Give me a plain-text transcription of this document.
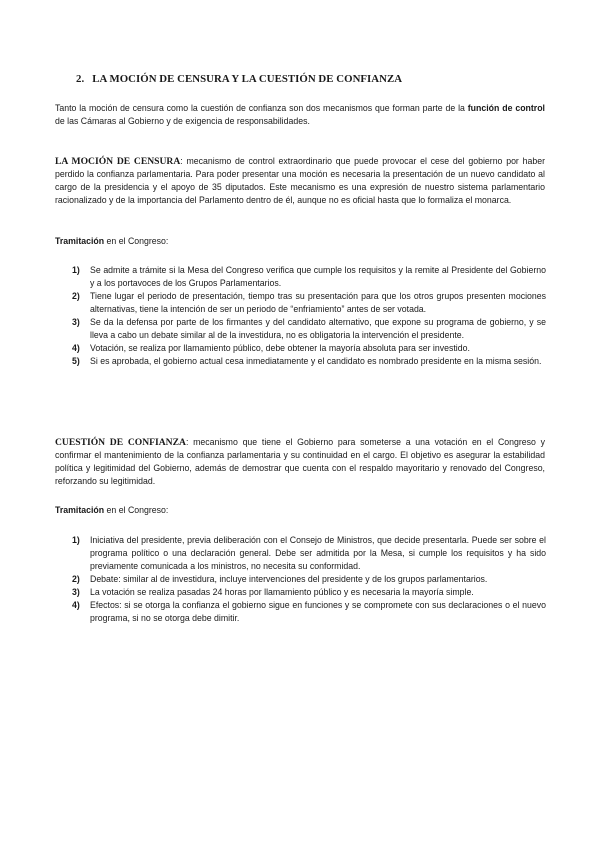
2. LA MOCIÓN DE CENSURA Y LA CUESTIÓN DE CONFIANZA

Tanto la moción de censura como la cuestión de confianza son dos mecanismos que forman parte de la función de control de las Cámaras al Gobierno y de exigencia de responsabilidades.

LA MOCIÓN DE CENSURA: mecanismo de control extraordinario que puede provocar el cese del gobierno por haber perdido la confianza parlamentaria. Para poder presentar una moción es necesaria la presentación de un nuevo candidato al cargo de la presidencia y el apoyo de 35 diputados. Este mecanismo es una expresión de nuestro sistema parlamentario racionalizado y de la importancia del Parlamento dentro de él, aunque no es oficial hasta que lo formaliza el monarca.

Tramitación en el Congreso:
1) Se admite a trámite si la Mesa del Congreso verifica que cumple los requisitos y la remite al Presidente del Gobierno y a los portavoces de los Grupos Parlamentarios.
2) Tiene lugar el periodo de presentación, tiempo tras su presentación para que los otros grupos presenten mociones alternativas, tiene la intención de ser un periodo de “enfriamiento” antes de ser votada.
3) Se da la defensa por parte de los firmantes y del candidato alternativo, que expone su programa de gobierno, y se lleva a cabo un debate similar al de la investidura, no es obligatoria la intervención el presidente.
4) Votación, se realiza por llamamiento público, debe obtener la mayoría absoluta para ser investido.
5) Si es aprobada, el gobierno actual cesa inmediatamente y el candidato es nombrado presidente en la misma sesión.

CUESTIÓN DE CONFIANZA: mecanismo que tiene el Gobierno para someterse a una votación en el Congreso y confirmar el mantenimiento de la confianza parlamentaria y su continuidad en el cargo. El objetivo es asegurar la estabilidad política y legitimidad del Gobierno, además de demostrar que cuenta con el respaldo mayoritario y renovado del Congreso, reforzando su legitimidad.

Tramitación en el Congreso:
1) Iniciativa del presidente, previa deliberación con el Consejo de Ministros, que decide presentarla. Puede ser sobre el programa político o una declaración general. Debe ser admitida por la Mesa, si cumple los requisitos y ha sido previamente comunicada a los ministros, no necesita su conformidad.
2) Debate: similar al de investidura, incluye intervenciones del presidente y de los grupos parlamentarios.
3) La votación se realiza pasadas 24 horas por llamamiento público y es necesaria la mayoría simple.
4) Efectos: si se otorga la confianza el gobierno sigue en funciones y se compromete con sus declaraciones o el nuevo programa, si no se otorga debe dimitir.
